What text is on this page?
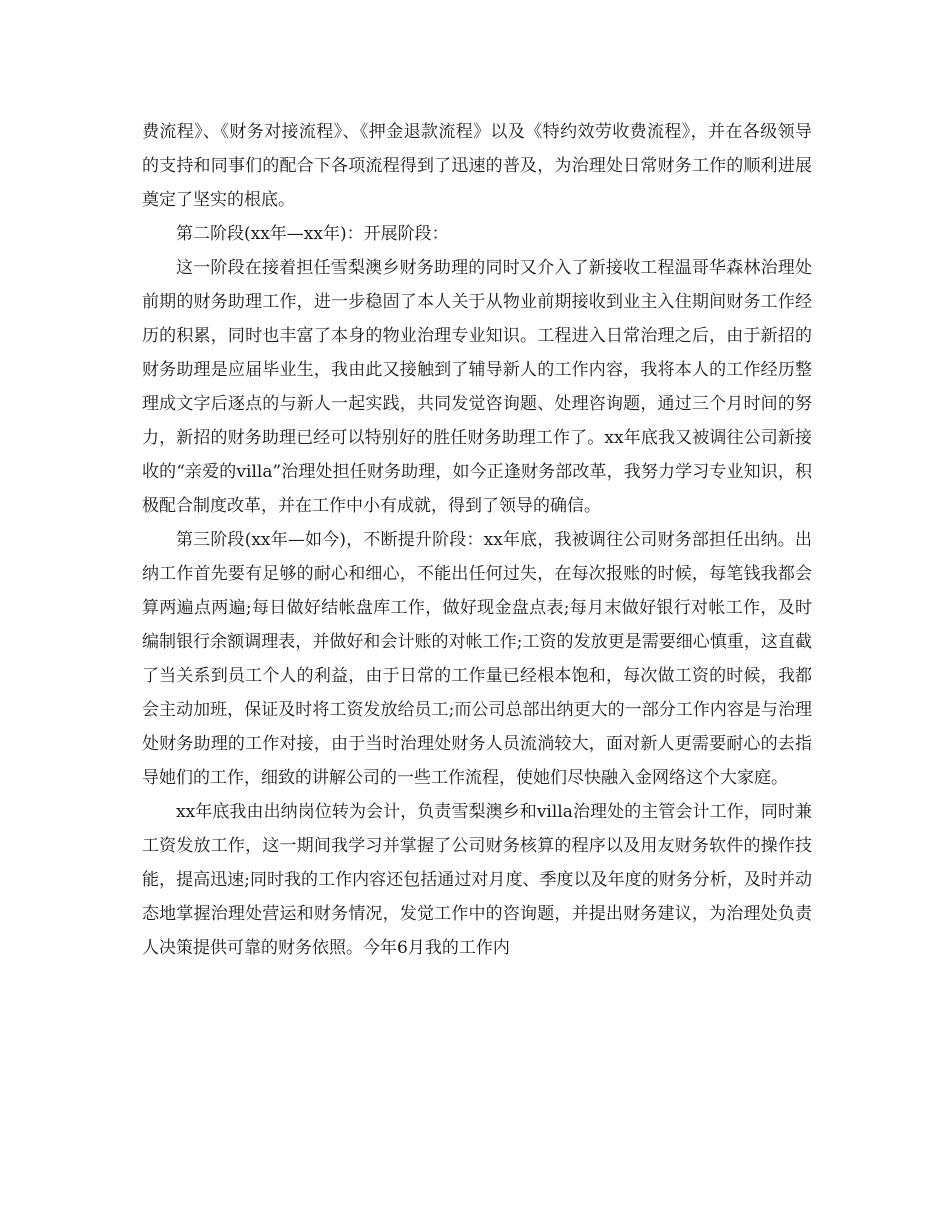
费流程》、《财务对接流程》、《押金退款流程》以及《特约效劳收费流程》，并在各级领导的支持和同事们的配合下各项流程得到了迅速的普及，为治理处日常财务工作的顺利进展奠定了坚实的根底。

第二阶段(xx年—xx年)：开展阶段：

这一阶段在接着担任雪梨澳乡财务助理的同时又介入了新接收工程温哥华森林治理处前期的财务助理工作，进一步稳固了本人关于从物业前期接收到业主入住期间财务工作经历的积累，同时也丰富了本身的物业治理专业知识。工程进入日常治理之后，由于新招的财务助理是应届毕业生，我由此又接触到了辅导新人的工作内容，我将本人的工作经历整理成文字后逐点的与新人一起实践，共同发觉咨询题、处理咨询题，通过三个月时间的努力，新招的财务助理已经可以特别好的胜任财务助理工作了。xx年底我又被调往公司新接收的“亲爱的villa”治理处担任财务助理，如今正逢财务部改革，我努力学习专业知识，积极配合制度改革，并在工作中小有成就，得到了领导的确信。

第三阶段(xx年—如今)，不断提升阶段：xx年底，我被调往公司财务部担任出纳。出纳工作首先要有足够的耐心和细心，不能出任何过失，在每次报账的时候，每笔钱我都会算两遍点两遍;每日做好结帐盘库工作，做好现金盘点表;每月末做好银行对帐工作，及时编制银行余额调理表，并做好和会计账的对帐工作;工资的发放更是需要细心慎重，这直截了当关系到员工个人的利益，由于日常的工作量已经根本饱和，每次做工资的时候，我都会主动加班，保证及时将工资发放给员工;而公司总部出纳更大的一部分工作内容是与治理处财务助理的工作对接，由于当时治理处财务人员流淌较大，面对新人更需要耐心的去指导她们的工作，细致的讲解公司的一些工作流程，使她们尽快融入金网络这个大家庭。

xx年底我由出纳岗位转为会计，负责雪梨澳乡和villa治理处的主管会计工作，同时兼工资发放工作，这一期间我学习并掌握了公司财务核算的程序以及用友财务软件的操作技能，提高迅速;同时我的工作内容还包括通过对月度、季度以及年度的财务分析，及时并动态地掌握治理处营运和财务情况，发觉工作中的咨询题，并提出财务建议，为治理处负责人决策提供可靠的财务依照。今年6月我的工作内
